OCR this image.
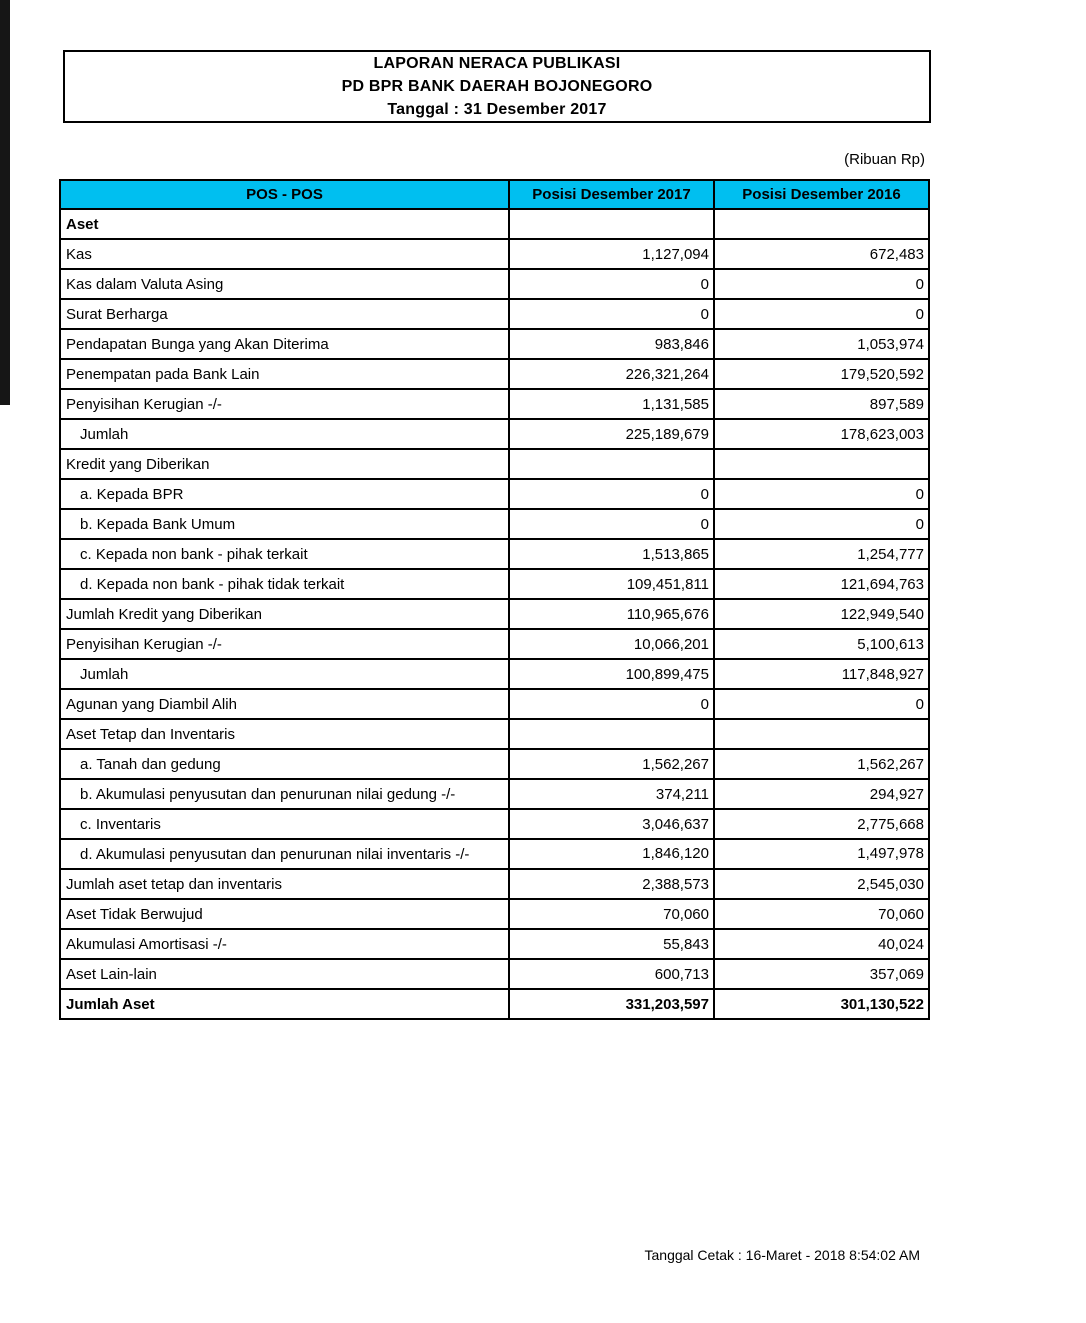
LAPORAN NERACA PUBLIKASI
PD BPR BANK DAERAH BOJONEGORO
Tanggal : 31 Desember 2017
(Ribuan Rp)
POS - POS	Posisi Desember 2017	Posisi Desember 2016
Aset		
Kas	1,127,094	672,483
Kas dalam Valuta Asing	0	0
Surat Berharga	0	0
Pendapatan Bunga yang Akan Diterima	983,846	1,053,974
Penempatan pada Bank Lain	226,321,264	179,520,592
Penyisihan Kerugian -/-	1,131,585	897,589
Jumlah	225,189,679	178,623,003
Kredit yang Diberikan		
a. Kepada BPR	0	0
b. Kepada Bank Umum	0	0
c. Kepada non bank - pihak terkait	1,513,865	1,254,777
d. Kepada non bank - pihak tidak terkait	109,451,811	121,694,763
Jumlah Kredit yang Diberikan	110,965,676	122,949,540
Penyisihan Kerugian -/-	10,066,201	5,100,613
Jumlah	100,899,475	117,848,927
Agunan yang Diambil Alih	0	0
Aset Tetap dan Inventaris		
a. Tanah dan gedung	1,562,267	1,562,267
b. Akumulasi penyusutan dan penurunan nilai gedung -/-	374,211	294,927
c. Inventaris	3,046,637	2,775,668
d. Akumulasi penyusutan dan penurunan nilai inventaris -/-	1,846,120	1,497,978
Jumlah aset tetap dan inventaris	2,388,573	2,545,030
Aset Tidak Berwujud	70,060	70,060
Akumulasi Amortisasi -/-	55,843	40,024
Aset Lain-lain	600,713	357,069
Jumlah Aset	331,203,597	301,130,522
Tanggal Cetak : 16-Maret - 2018 8:54:02 AM
